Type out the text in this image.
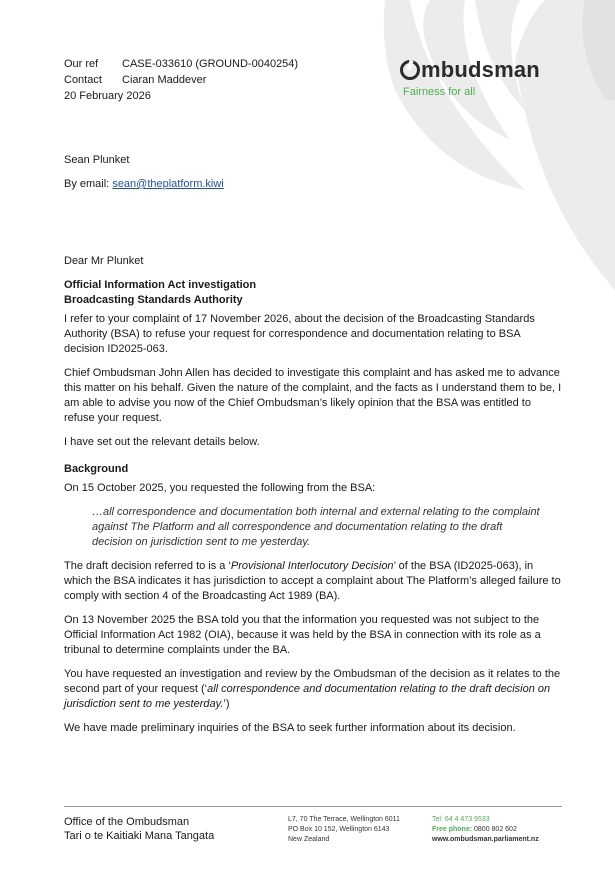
Our ref CASE-033610 (GROUND-0040254)
Contact Ciaran Maddever
20 February 2026
mbudsman
Fairness for all
Sean Plunket
By email: sean@theplatform.kiwi

Dear Mr Plunket

Official Information Act investigation
Broadcasting Standards Authority

I refer to your complaint of 17 November 2026, about the decision of the Broadcasting Standards Authority (BSA) to refuse your request for correspondence and documentation relating to BSA decision ID2025-063.

Chief Ombudsman John Allen has decided to investigate this complaint and has asked me to advance this matter on his behalf. Given the nature of the complaint, and the facts as I understand them to be, I am able to advise you now of the Chief Ombudsman’s likely opinion that the BSA was entitled to refuse your request.

I have set out the relevant details below.

Background

On 15 October 2025, you requested the following from the BSA:

…all correspondence and documentation both internal and external relating to the complaint against The Platform and all correspondence and documentation relating to the draft decision on jurisdiction sent to me yesterday.

The draft decision referred to is a ‘Provisional Interlocutory Decision’ of the BSA (ID2025-063), in which the BSA indicates it has jurisdiction to accept a complaint about The Platform’s alleged failure to comply with section 4 of the Broadcasting Act 1989 (BA).

On 13 November 2025 the BSA told you that the information you requested was not subject to the Official Information Act 1982 (OIA), because it was held by the BSA in connection with its role as a tribunal to determine complaints under the BA.

You have requested an investigation and review by the Ombudsman of the decision as it relates to the second part of your request (‘all correspondence and documentation relating to the draft decision on jurisdiction sent to me yesterday.’)

We have made preliminary inquiries of the BSA to seek further information about its decision.

Office of the Ombudsman
Tari o te Kaitiaki Mana Tangata
L7, 70 The Terrace, Wellington 6011
PO Box 10 152, Wellington 6143
New Zealand
Tel: 64 4 473 9533
Free phone: 0800 802 602
www.ombudsman.parliament.nz
